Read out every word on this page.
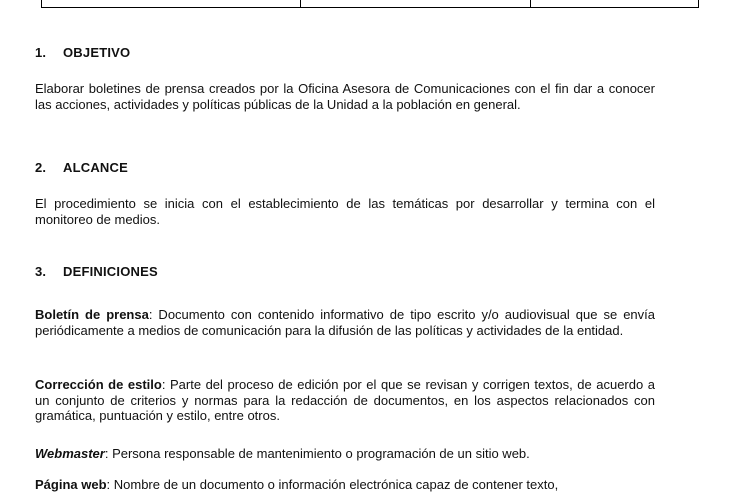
1. OBJETIVO
Elaborar boletines de prensa creados por la Oficina Asesora de Comunicaciones con el fin dar a conocer las acciones, actividades y políticas públicas de la Unidad a la población en general.
2. ALCANCE
El procedimiento se inicia con el establecimiento de las temáticas por desarrollar y termina con el monitoreo de medios.
3. DEFINICIONES
Boletín de prensa: Documento con contenido informativo de tipo escrito y/o audiovisual que se envía periódicamente a medios de comunicación para la difusión de las políticas y actividades de la entidad.
Corrección de estilo: Parte del proceso de edición por el que se revisan y corrigen textos, de acuerdo a un conjunto de criterios y normas para la redacción de documentos, en los aspectos relacionados con gramática, puntuación y estilo, entre otros.
Webmaster: Persona responsable de mantenimiento o programación de un sitio web.
Página web: Nombre de un documento o información electrónica capaz de contener texto,
